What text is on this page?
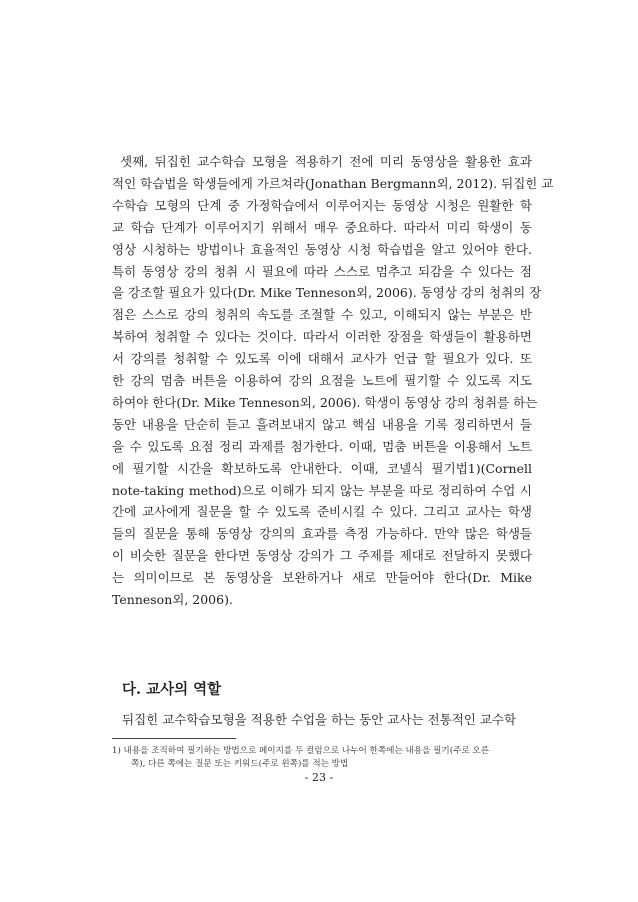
셋째, 뒤집힌 교수학습 모형을 적용하기 전에 미리 동영상을 활용한 효과
적인 학습법을 학생들에게 가르쳐라(Jonathan Bergmann외, 2012). 뒤집힌 교
수학습 모형의 단계 중 가정학습에서 이루어지는 동영상 시청은 원활한 학
교 학습 단계가 이루어지기 위해서 매우 중요하다. 따라서 미리 학생이 동
영상 시청하는 방법이나 효율적인 동영상 시청 학습법을 알고 있어야 한다.
특히 동영상 강의 청취 시 필요에 따라 스스로 멈추고 되감을 수 있다는 점
을 강조할 필요가 있다(Dr. Mike Tenneson외, 2006). 동영상 강의 청취의 장
점은 스스로 강의 청취의 속도를 조절할 수 있고, 이해되지 않는 부분은 반
복하여 청취할 수 있다는 것이다. 따라서 이러한 장점을 학생들이 활용하면
서 강의를 청취할 수 있도록 이에 대해서 교사가 언급 할 필요가 있다. 또
한 강의 멈춤 버튼을 이용하여 강의 요점을 노트에 필기할 수 있도록 지도
하여야 한다(Dr. Mike Tenneson외, 2006). 학생이 동영상 강의 청취를 하는
동안 내용을 단순히 듣고 흘려보내지 않고 핵심 내용을 기록 정리하면서 들
을 수 있도록 요점 정리 과제를 첨가한다. 이때, 멈춤 버튼을 이용해서 노트
에 필기할 시간을 확보하도록 안내한다. 이때, 코넬식 필기법1)(Cornell
note-taking method)으로 이해가 되지 않는 부분을 따로 정리하여 수업 시
간에 교사에게 질문을 할 수 있도록 준비시킬 수 있다. 그리고 교사는 학생
들의 질문을 통해 동영상 강의의 효과를 측정 가능하다. 만약 많은 학생들
이 비슷한 질문을 한다면 동영상 강의가 그 주제를 제대로 전달하지 못했다
는 의미이므로 본 동영상을 보완하거나 새로 만들어야 한다(Dr. Mike
Tenneson외, 2006).
다. 교사의 역할
뒤집힌 교수학습모형을 적용한 수업을 하는 동안 교사는 전통적인 교수학
1) 내용을 조직하여 필기하는 방법으로 페이지를 두 컬럼으로 나누어 한쪽에는 내용을 필기(주로 오른
쪽), 다른 쪽에는 질문 또는 키워드(주로 왼쪽)를 적는 방법
- 23 -
